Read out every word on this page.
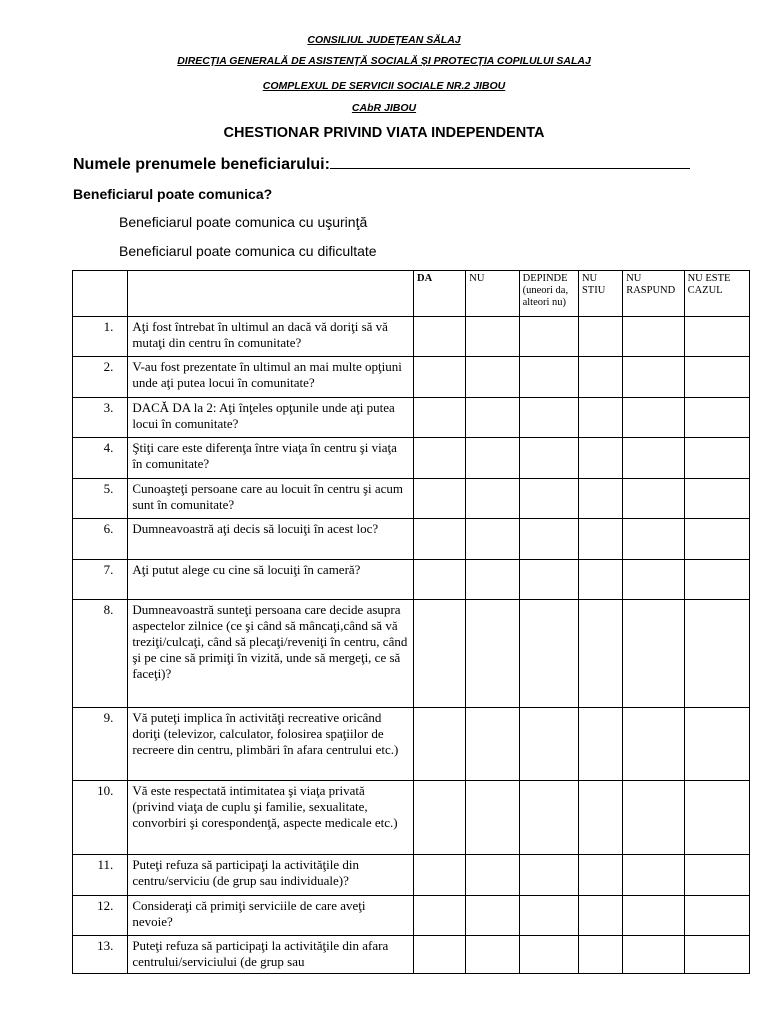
CONSILIUL JUDEŢEAN SĂLAJ
DIRECŢIA GENERALĂ DE ASISTENŢĂ SOCIALĂ ŞI PROTECŢIA COPILULUI SALAJ
COMPLEXUL DE SERVICII SOCIALE NR.2 JIBOU
CAbR JIBOU
CHESTIONAR PRIVIND VIATA INDEPENDENTA
Numele prenumele beneficiarului:
Beneficiarul poate comunica?
Beneficiarul poate comunica cu uşurinţă
Beneficiarul poate comunica cu dificultate
		DA	NU	DEPINDE (uneori da, alteori nu)	NU STIU	NU RASPUND	NU ESTE CAZUL
1.	Aţi fost întrebat în ultimul an dacă vă doriţi să vă mutaţi din centru în comunitate?						
2.	V-au fost prezentate în ultimul an mai multe opţiuni unde aţi putea locui în comunitate?						
3.	DACĂ DA la 2: Aţi înţeles opţunile unde aţi putea locui în comunitate?						
4.	Ştiţi care este diferenţa între viaţa în centru şi viaţa în comunitate?						
5.	Cunoaşteţi persoane care au locuit în centru şi acum sunt în comunitate?						
6.	Dumneavoastră aţi decis să locuiţi în acest loc?						
7.	Aţi putut alege cu cine să locuiţi în cameră?						
8.	Dumneavoastră sunteţi persoana care decide asupra aspectelor zilnice (ce şi când să mâncaţi,când să vă treziţi/culcaţi, când să plecaţi/reveniţi în centru, când şi pe cine să primiţi în vizită, unde să mergeţi, ce să faceţi)?						
9.	Vă puteţi implica în activităţi recreative oricând doriţi (televizor, calculator, folosirea spaţiilor de recreere din centru, plimbări în afara centrului etc.)						
10.	Vă este respectată intimitatea şi viaţa privată (privind viaţa de cuplu şi familie, sexualitate, convorbiri şi corespondenţă, aspecte medicale etc.)						
11.	Puteţi refuza să participaţi la activităţile din centru/serviciu (de grup sau individuale)?						
12.	Consideraţi că primiţi serviciile de care aveţi nevoie?						
13.	Puteţi refuza să participaţi la activităţile din afara centrului/serviciului (de grup sau						
